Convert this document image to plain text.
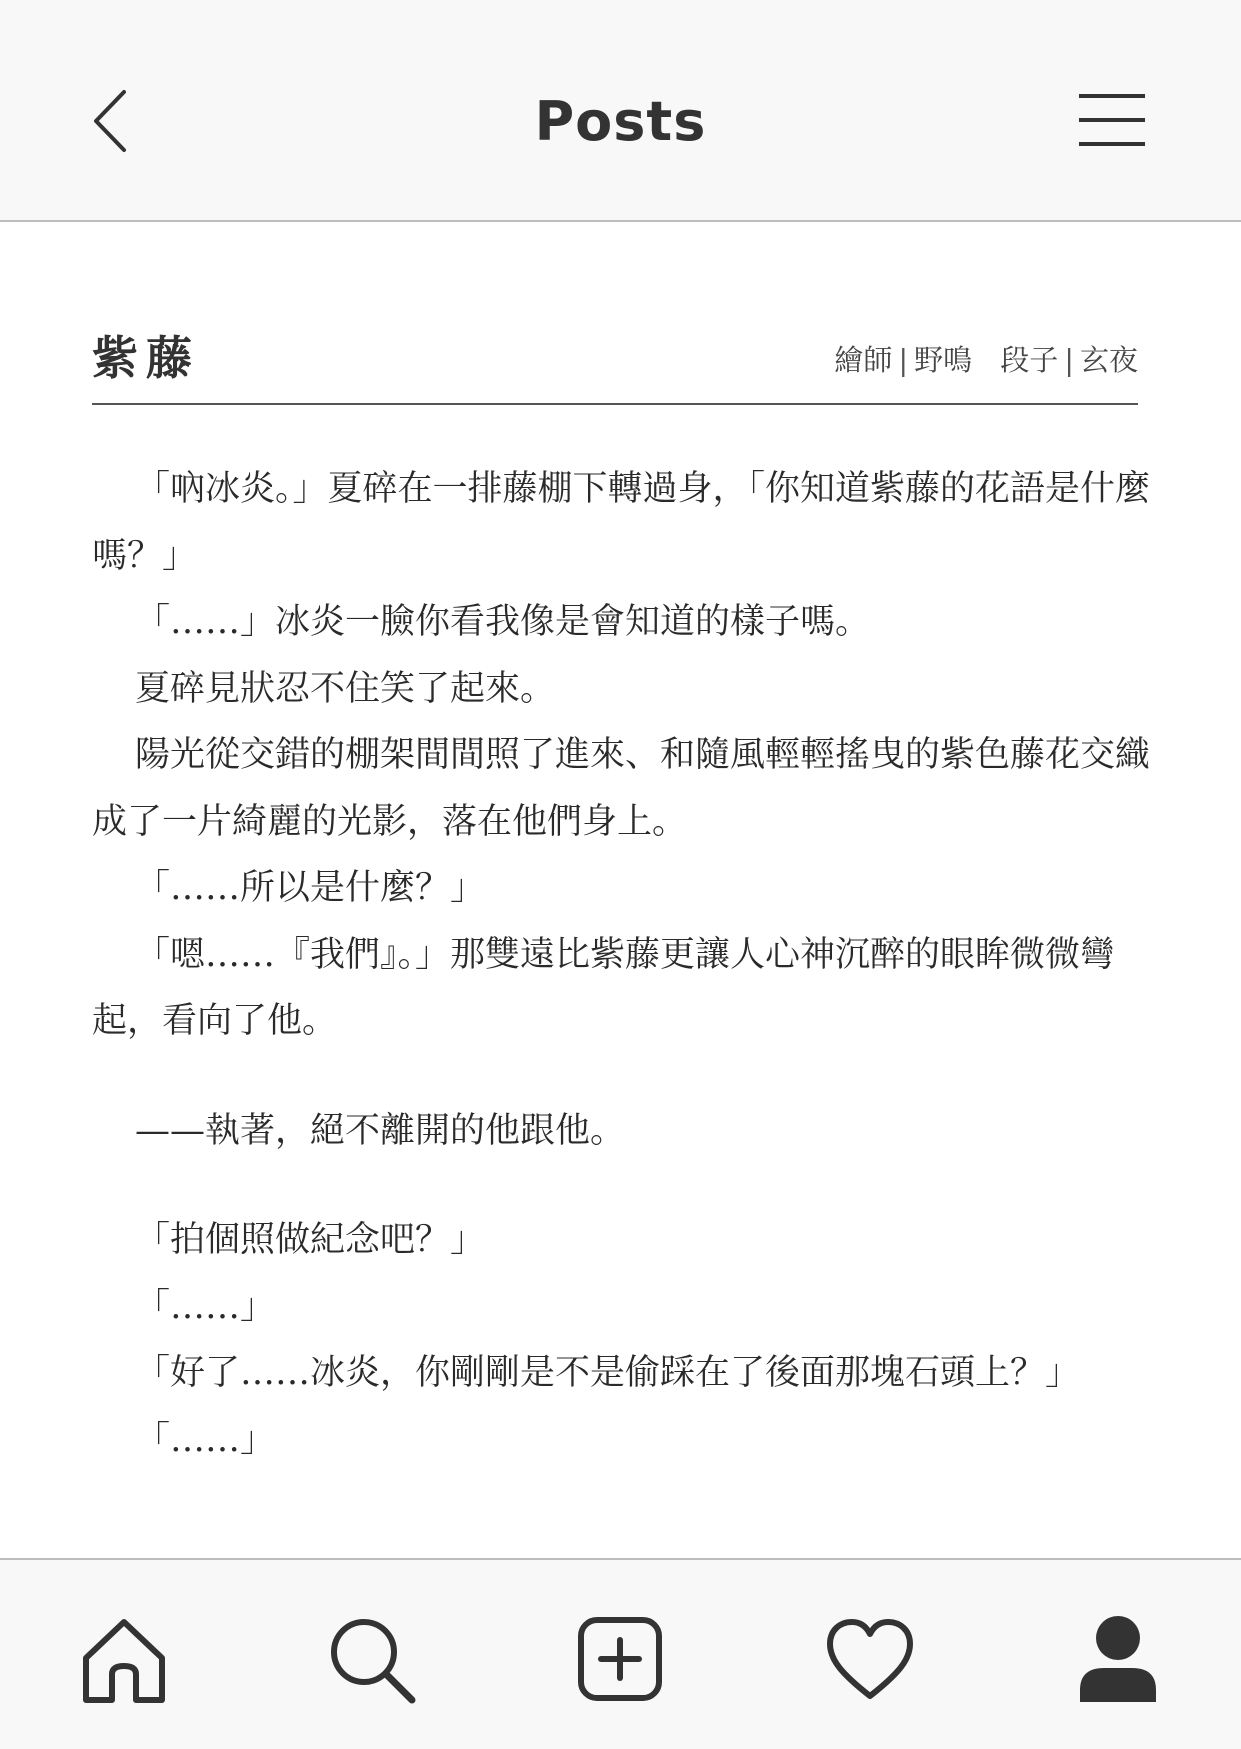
Posts
紫藤	繪師 | 野鳴 段子 | 玄夜

「吶冰炎。」夏碎在一排藤棚下轉過身，「你知道紫藤的花語是什麼嗎？」

「……」冰炎一臉你看我像是會知道的樣子嗎。

夏碎見狀忍不住笑了起來。

陽光從交錯的棚架間間照了進來、和隨風輕輕搖曳的紫色藤花交織成了一片綺麗的光影，落在他們身上。

「……所以是什麼？」

「嗯……『我們』。」那雙遠比紫藤更讓人心神沉醉的眼眸微微彎起，看向了他。

——執著，絕不離開的他跟他。

「拍個照做紀念吧？」

「……」

「好了……冰炎，你剛剛是不是偷踩在了後面那塊石頭上？」

「……」
